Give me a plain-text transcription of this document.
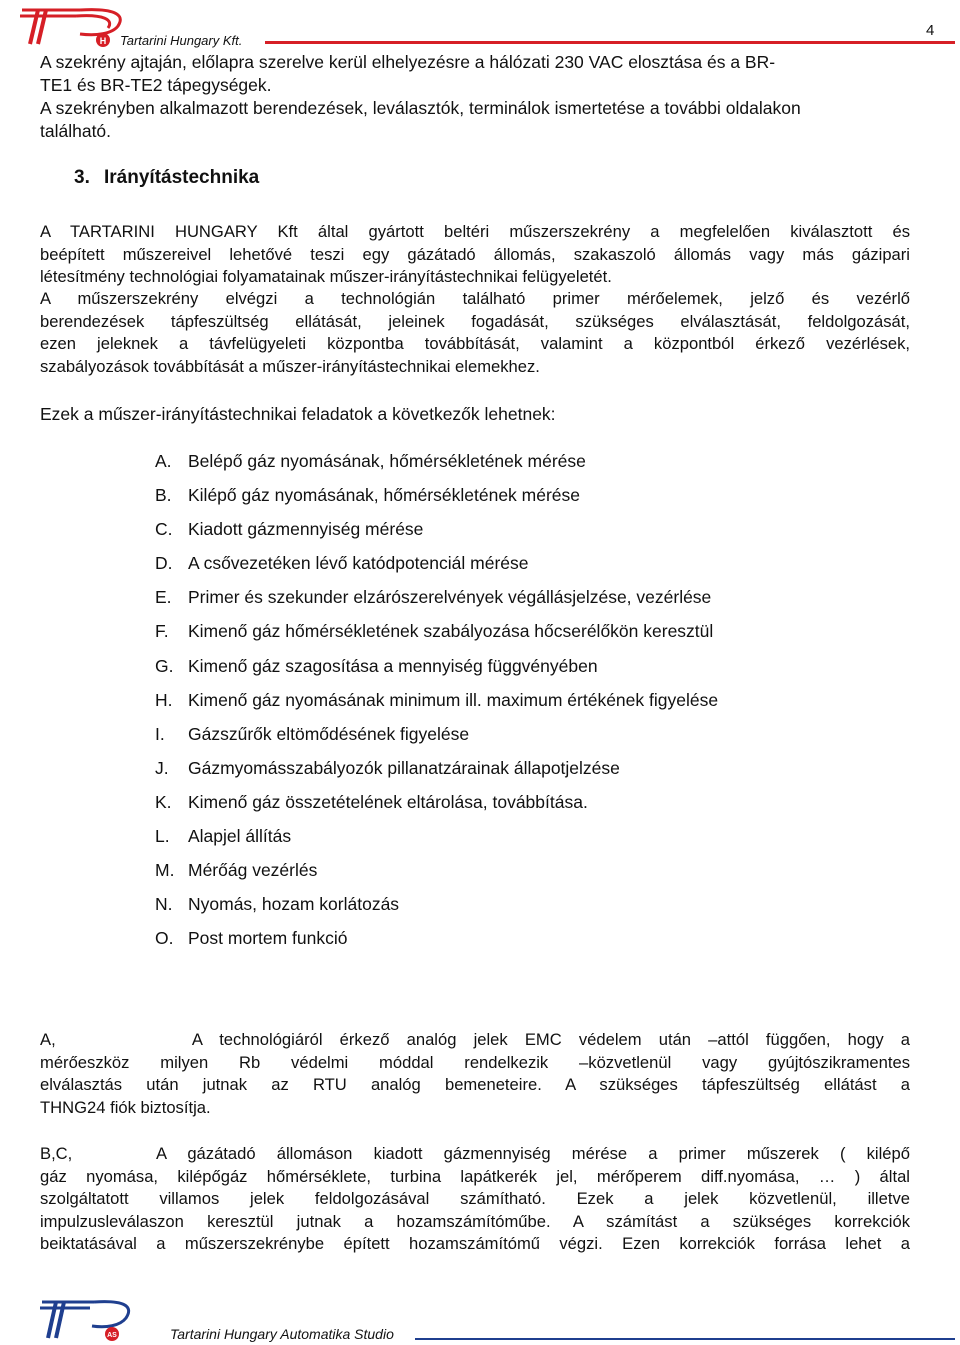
H Tartarini Hungary Kft.
4
A szekrény ajtaján, előlapra szerelve kerül elhelyezésre a hálózati 230 VAC elosztása és a BR-
TE1 és BR-TE2 tápegységek.
A szekrényben alkalmazott berendezések, leválasztók, terminálok ismertetése a további oldalakon
található.
3. Irányítástechnika
A TARTARINI HUNGARY Kft által gyártott beltéri műszerszekrény a megfelelően kiválasztott és
beépített műszereivel lehetővé teszi egy gázátadó állomás, szakaszoló állomás vagy más gázipari
létesítmény technológiai folyamatainak műszer-irányítástechnikai felügyeletét.
A műszerszekrény elvégzi a technológián található primer mérőelemek, jelző és vezérlő
berendezések tápfeszültség ellátását, jeleinek fogadását, szükséges elválasztását, feldolgozását,
ezen jeleknek a távfelügyeleti központba továbbítását, valamint a központból érkező vezérlések,
szabályozások továbbítását a műszer-irányítástechnikai elemekhez.
Ezek a műszer-irányítástechnikai feladatok a következők lehetnek:
A. Belépő gáz nyomásának, hőmérsékletének mérése
B. Kilépő gáz nyomásának, hőmérsékletének mérése
C. Kiadott gázmennyiség mérése
D. A csővezetéken lévő katódpotenciál mérése
E. Primer és szekunder elzárószerelvények végállásjelzése, vezérlése
F. Kimenő gáz hőmérsékletének szabályozása hőcserélőkön keresztül
G. Kimenő gáz szagosítása a mennyiség függvényében
H. Kimenő gáz nyomásának minimum ill. maximum értékének figyelése
I. Gázszűrők eltömődésének figyelése
J. Gázmyomásszabályozók pillanatzárainak állapotjelzése
K. Kimenő gáz összetételének eltárolása, továbbítása.
L. Alapjel állítás
M. Mérőág vezérlés
N. Nyomás, hozam korlátozás
O. Post mortem funkció
A,        A technológiáról érkező analóg jelek EMC védelem után –attól függően, hogy a
mérőeszköz milyen Rb védelmi móddal rendelkezik –közvetlenül vagy gyújtószikramentes
elválasztás után jutnak az RTU analóg bemeneteire. A szükséges tápfeszültség ellátást a
THNG24 fiók biztosítja.
B,C,    A gázátadó állomáson kiadott gázmennyiség mérése a primer műszerek ( kilépő
gáz nyomása, kilépőgáz hőmérséklete, turbina lapátkerék jel, mérőperem diff.nyomása, … ) által
szolgáltatott villamos jelek feldolgozásával számítható. Ezek a jelek közvetlenül, illetve
impulzusleválaszon keresztül jutnak a hozamszámítóműbe. A számítást a szükséges korrekciók
beiktatásával a műszerszekrénybe épített hozamszámítómű végzi. Ezen korrekciók forrása lehet a
AS	Tartarini Hungary Automatika Studio
